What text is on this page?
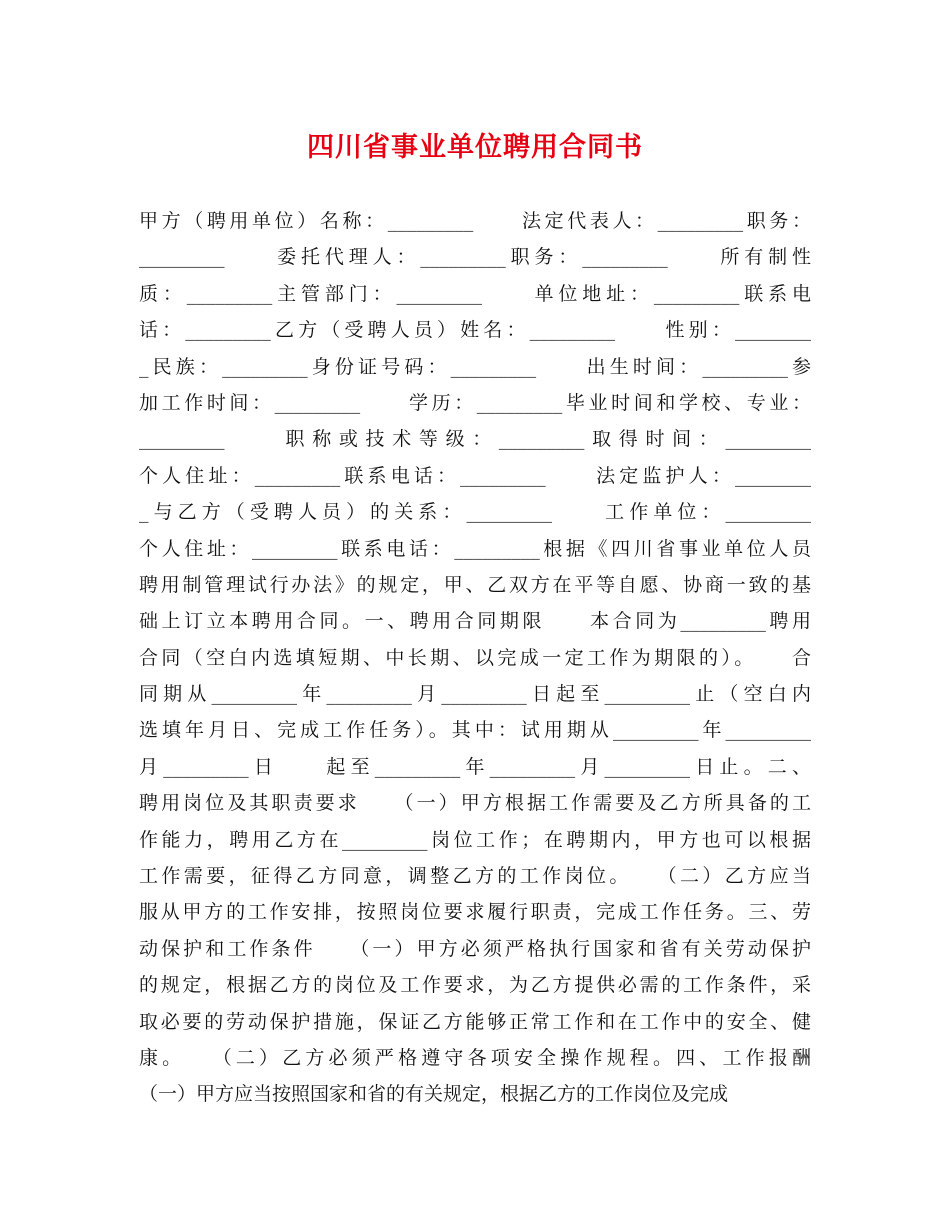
四川省事业单位聘用合同书
甲方（聘用单位）名称：_________　　法定代表人：_________职务：
_________　　委托代理人：_________职务：_________　　所有制性
质：_________主管部门：_________　　单位地址：_________联系电
话：_________乙方（受聘人员）姓名：_________　　性别：________
_民族：_________身份证号码：_________　　出生时间：_________参
加工作时间：_________　　学历：_________毕业时间和学校、专业：
_________　　职称或技术等级：_________取得时间：_________
个人住址：_________联系电话：_________　　法定监护人：________
_与乙方（受聘人员）的关系：_________　　工作单位：_________
个人住址：_________联系电话：_________根据《四川省事业单位人员
聘用制管理试行办法》的规定，甲、乙双方在平等自愿、协商一致的基
础上订立本聘用合同。一、聘用合同期限　　本合同为_________聘用
合同（空白内选填短期、中长期、以完成一定工作为期限的）。　　合
同期从_________年_________月_________日起至_________止（空白内
选填年月日、完成工作任务）。其中：试用期从_________年_________
月_________日　　起至_________年_________月_________日止。二、
聘用岗位及其职责要求　　（一）甲方根据工作需要及乙方所具备的工
作能力，聘用乙方在_________岗位工作；在聘期内，甲方也可以根据
工作需要，征得乙方同意，调整乙方的工作岗位。　　（二）乙方应当
服从甲方的工作安排，按照岗位要求履行职责，完成工作任务。三、劳
动保护和工作条件　　（一）甲方必须严格执行国家和省有关劳动保护
的规定，根据乙方的岗位及工作要求，为乙方提供必需的工作条件，采
取必要的劳动保护措施，保证乙方能够正常工作和在工作中的安全、健
康。　　（二）乙方必须严格遵守各项安全操作规程。四、工作报酬
（一）甲方应当按照国家和省的有关规定，根据乙方的工作岗位及完成
